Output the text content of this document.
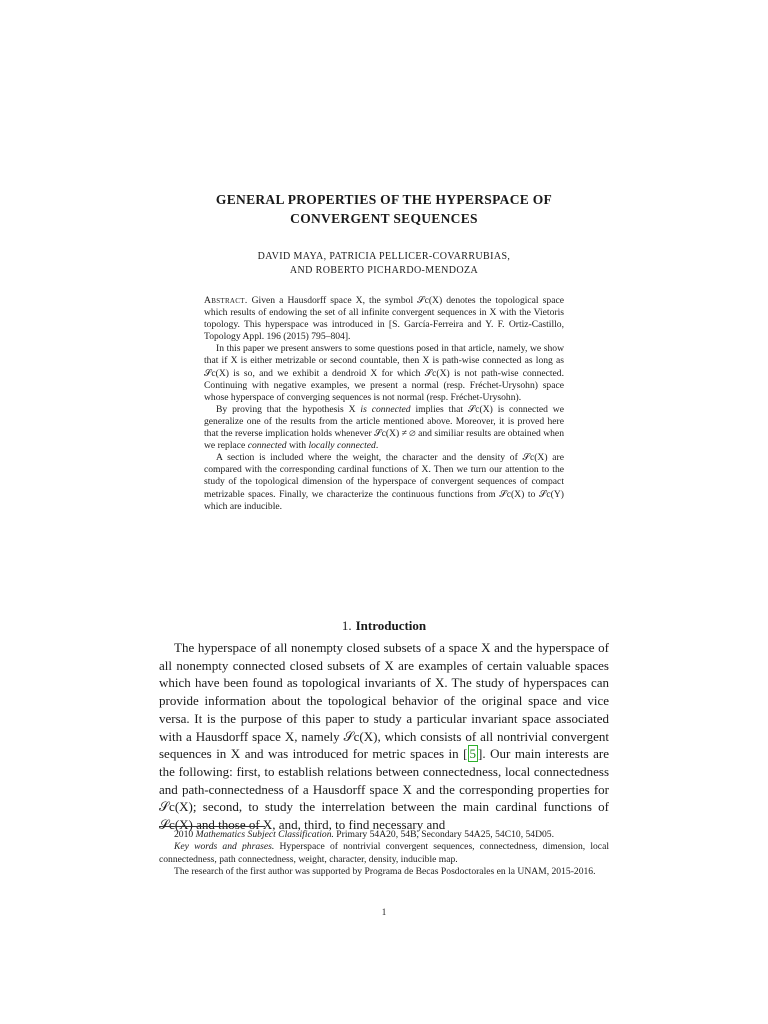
GENERAL PROPERTIES OF THE HYPERSPACE OF
CONVERGENT SEQUENCES
DAVID MAYA, PATRICIA PELLICER-COVARRUBIAS,
AND ROBERTO PICHARDO-MENDOZA

Abstract. Given a Hausdorff space X, the symbol 𝒮c(X) denotes the topological space which results of endowing the set of all infinite convergent sequences in X with the Vietoris topology. This hyperspace was introduced in [S. García-Ferreira and Y. F. Ortiz-Castillo, Topology Appl. 196 (2015) 795–804].

In this paper we present answers to some questions posed in that article, namely, we show that if X is either metrizable or second countable, then X is path-wise connected as long as 𝒮c(X) is so, and we exhibit a dendroid X for which 𝒮c(X) is not path-wise connected. Continuing with negative examples, we present a normal (resp. Fréchet-Urysohn) space whose hyperspace of converging sequences is not normal (resp. Fréchet-Urysohn).

By proving that the hypothesis X is connected implies that 𝒮c(X) is connected we generalize one of the results from the article mentioned above. Moreover, it is proved here that the reverse implication holds whenever 𝒮c(X) ≠ ∅ and similiar results are obtained when we replace connected with locally connected.

A section is included where the weight, the character and the density of 𝒮c(X) are compared with the corresponding cardinal functions of X. Then we turn our attention to the study of the topological dimension of the hyperspace of convergent sequences of compact metrizable spaces. Finally, we characterize the continuous functions from 𝒮c(X) to 𝒮c(Y) which are inducible.

1. Introduction
The hyperspace of all nonempty closed subsets of a space X and the hyperspace of all nonempty connected closed subsets of X are examples of certain valuable spaces which have been found as topological invariants of X. The study of hyperspaces can provide information about the topological behavior of the original space and vice versa. It is the purpose of this paper to study a particular invariant space associated with a Hausdorff space X, namely 𝒮c(X), which consists of all nontrivial convergent sequences in X and was introduced for metric spaces in [ 5 ]. Our main interests are the following: first, to establish relations between connectedness, local connectedness and path-connectedness of a Hausdorff space X and the corresponding properties for 𝒮c(X); second, to study the interrelation between the main cardinal functions of 𝒮c(X) and those of X, and, third, to find necessary and

2010 Mathematics Subject Classification. Primary 54A20, 54B, Secondary 54A25, 54C10, 54D05.

Key words and phrases. Hyperspace of nontrivial convergent sequences, connectedness, dimension, local connectedness, path connectedness, weight, character, density, inducible map.

The research of the first author was supported by Programa de Becas Posdoctorales en la UNAM, 2015-2016.

1
